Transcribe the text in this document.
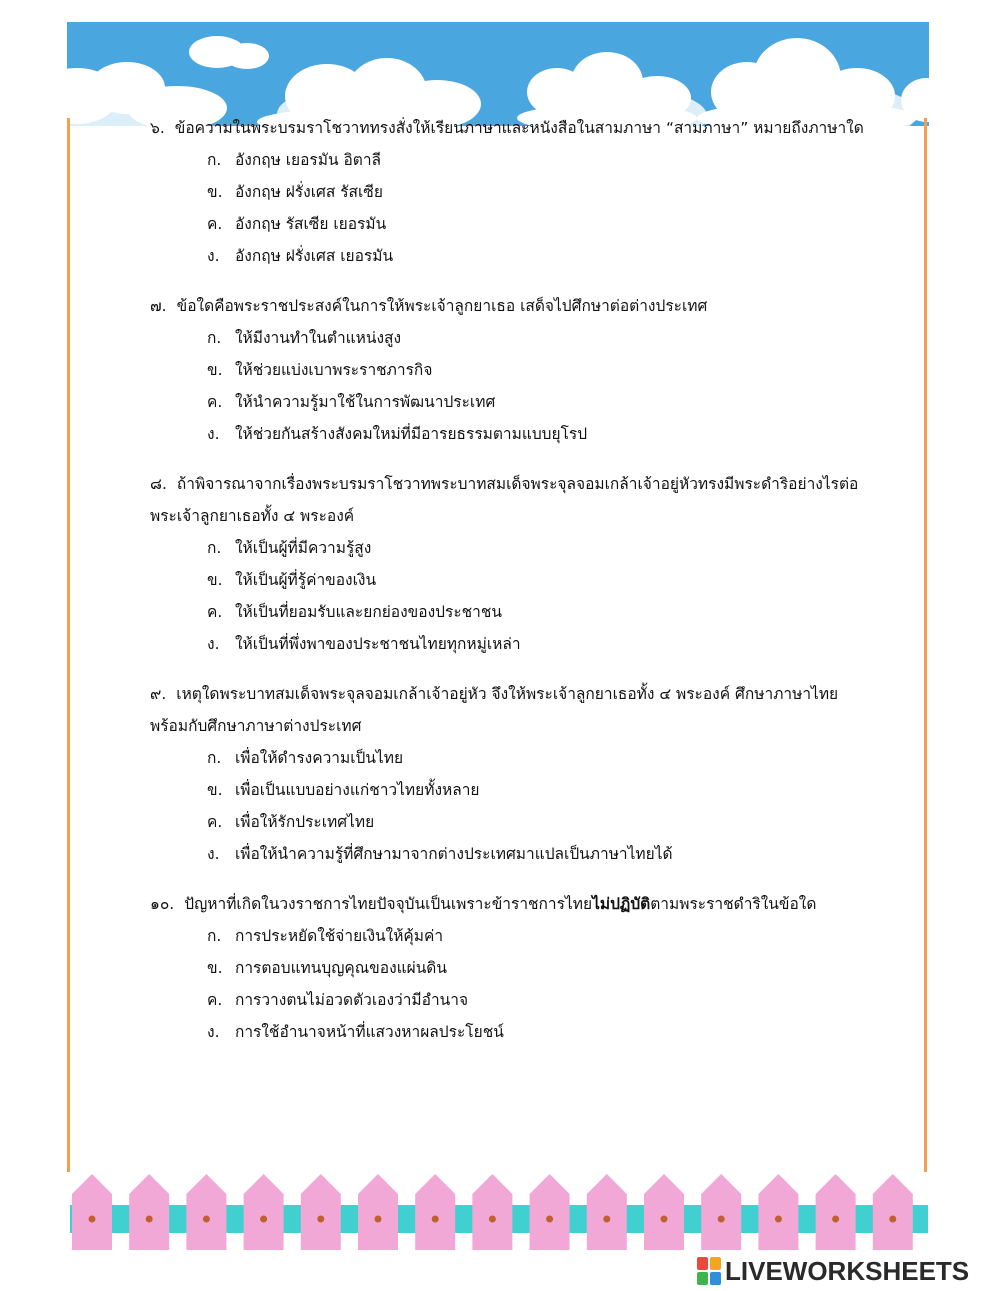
๖. ข้อความในพระบรมราโชวาททรงสั่งให้เรียนภาษาและหนังสือในสามภาษา “สามภาษา” หมายถึงภาษาใด
ก. อังกฤษ เยอรมัน อิตาลี
ข. อังกฤษ ฝรั่งเศส รัสเซีย
ค. อังกฤษ รัสเซีย เยอรมัน
ง. อังกฤษ ฝรั่งเศส เยอรมัน
๗. ข้อใดคือพระราชประสงค์ในการให้พระเจ้าลูกยาเธอ เสด็จไปศึกษาต่อต่างประเทศ
ก. ให้มีงานทำในตำแหน่งสูง
ข. ให้ช่วยแบ่งเบาพระราชภารกิจ
ค. ให้นำความรู้มาใช้ในการพัฒนาประเทศ
ง. ให้ช่วยกันสร้างสังคมใหม่ที่มีอารยธรรมตามแบบยุโรป
๘. ถ้าพิจารณาจากเรื่องพระบรมราโชวาทพระบาทสมเด็จพระจุลจอมเกล้าเจ้าอยู่หัวทรงมีพระดำริอย่างไรต่อ
พระเจ้าลูกยาเธอทั้ง ๔ พระองค์
ก. ให้เป็นผู้ที่มีความรู้สูง
ข. ให้เป็นผู้ที่รู้ค่าของเงิน
ค. ให้เป็นที่ยอมรับและยกย่องของประชาชน
ง. ให้เป็นที่พึ่งพาของประชาชนไทยทุกหมู่เหล่า
๙. เหตุใดพระบาทสมเด็จพระจุลจอมเกล้าเจ้าอยู่หัว จึงให้พระเจ้าลูกยาเธอทั้ง ๔ พระองค์ ศึกษาภาษาไทย
พร้อมกับศึกษาภาษาต่างประเทศ
ก. เพื่อให้ดำรงความเป็นไทย
ข. เพื่อเป็นแบบอย่างแก่ชาวไทยทั้งหลาย
ค. เพื่อให้รักประเทศไทย
ง. เพื่อให้นำความรู้ที่ศึกษามาจากต่างประเทศมาแปลเป็นภาษาไทยได้
๑๐. ปัญหาที่เกิดในวงราชการไทยปัจจุบันเป็นเพราะข้าราชการไทยไม่ปฏิบัติตามพระราชดำริในข้อใด
ก. การประหยัดใช้จ่ายเงินให้คุ้มค่า
ข. การตอบแทนบุญคุณของแผ่นดิน
ค. การวางตนไม่อวดตัวเองว่ามีอำนาจ
ง. การใช้อำนาจหน้าที่แสวงหาผลประโยชน์
LIVEWORKSHEETS
